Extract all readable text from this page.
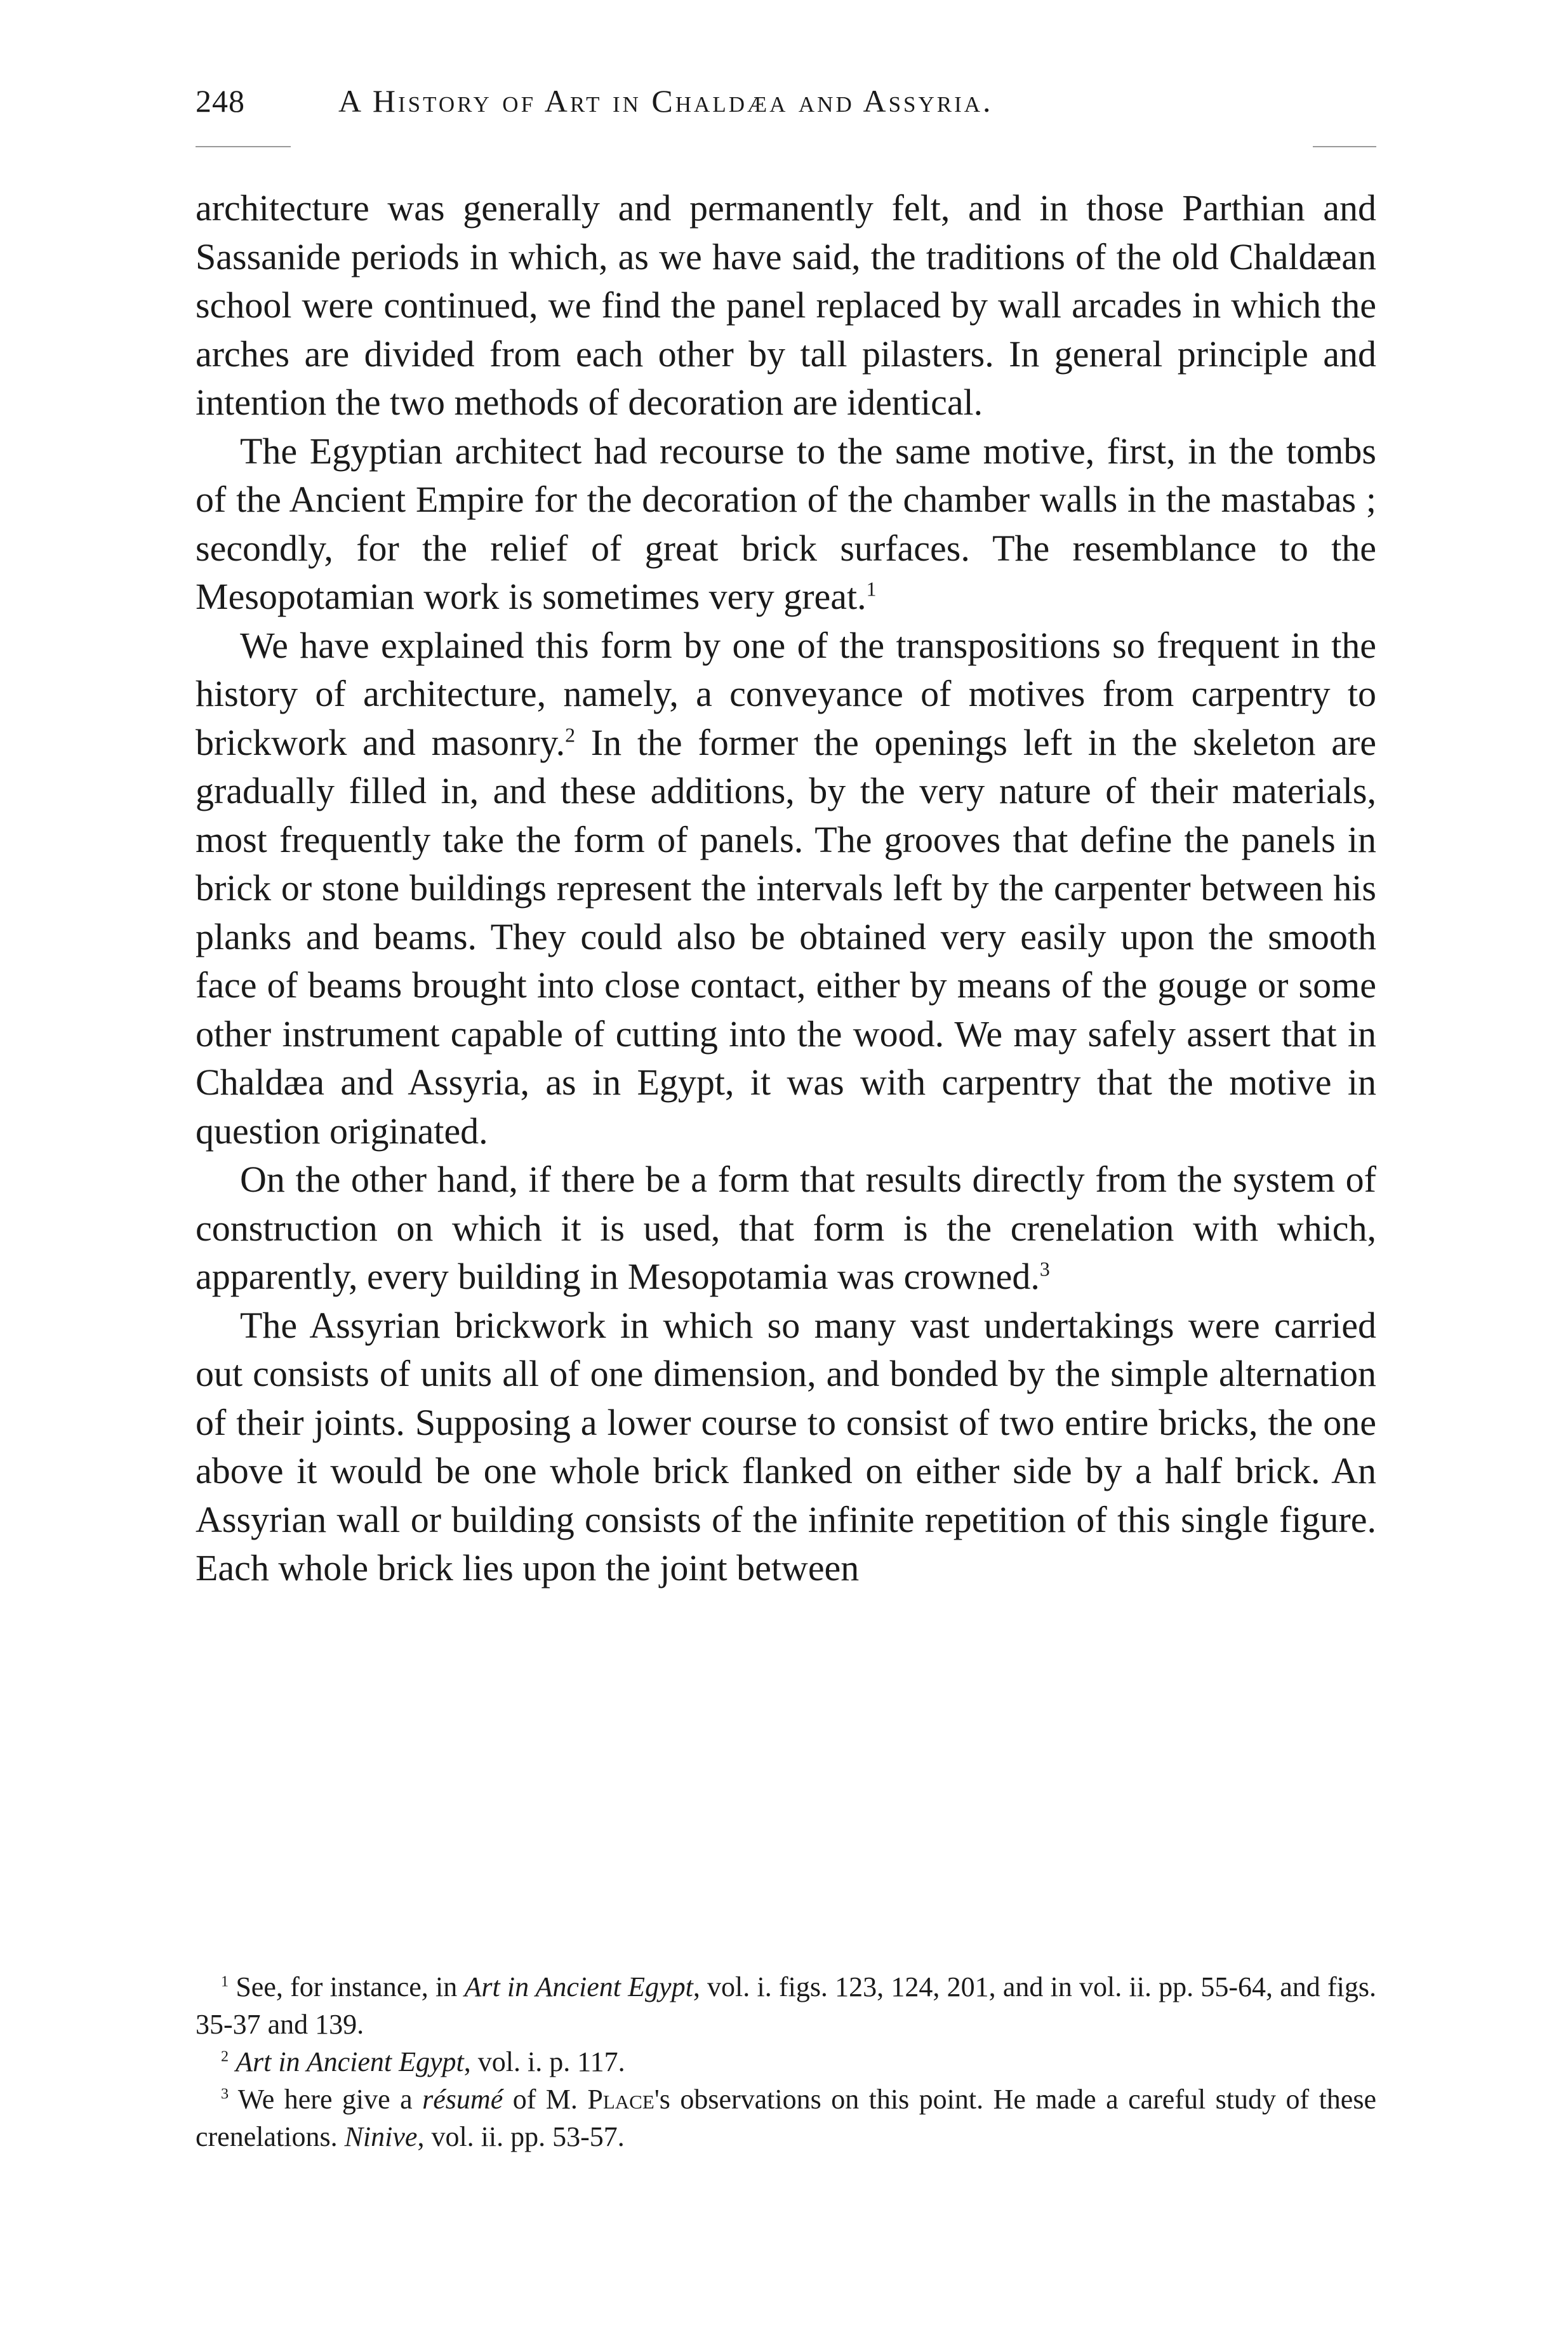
248	A History of Art in Chaldæa and Assyria.

architecture was generally and permanently felt, and in those Parthian and Sassanide periods in which, as we have said, the traditions of the old Chaldæan school were continued, we find the panel replaced by wall arcades in which the arches are divided from each other by tall pilasters. In general principle and intention the two methods of decoration are identical.

The Egyptian architect had recourse to the same motive, first, in the tombs of the Ancient Empire for the decoration of the chamber walls in the mastabas ; secondly, for the relief of great brick surfaces. The resemblance to the Mesopotamian work is sometimes very great.$^1$

We have explained this form by one of the transpositions so frequent in the history of architecture, namely, a conveyance of motives from carpentry to brickwork and masonry.$^2$ In the former the openings left in the skeleton are gradually filled in, and these additions, by the very nature of their materials, most frequently take the form of panels. The grooves that define the panels in brick or stone buildings represent the intervals left by the carpenter between his planks and beams. They could also be obtained very easily upon the smooth face of beams brought into close contact, either by means of the gouge or some other instrument capable of cutting into the wood. We may safely assert that in Chaldæa and Assyria, as in Egypt, it was with carpentry that the motive in question originated.

On the other hand, if there be a form that results directly from the system of construction on which it is used, that form is the crenelation with which, apparently, every building in Mesopotamia was crowned.$^3$

The Assyrian brickwork in which so many vast undertakings were carried out consists of units all of one dimension, and bonded by the simple alternation of their joints. Supposing a lower course to consist of two entire bricks, the one above it would be one whole brick flanked on either side by a half brick. An Assyrian wall or building consists of the infinite repetition of this single figure. Each whole brick lies upon the joint between

$^1$ See, for instance, in Art in Ancient Egypt, vol. i. figs. 123, 124, 201, and in vol. ii. pp. 55-64, and figs. 35-37 and 139.

$^2$ Art in Ancient Egypt, vol. i. p. 117.

$^3$ We here give a résumé of M. Place's observations on this point. He made a careful study of these crenelations. Ninive, vol. ii. pp. 53-57.
